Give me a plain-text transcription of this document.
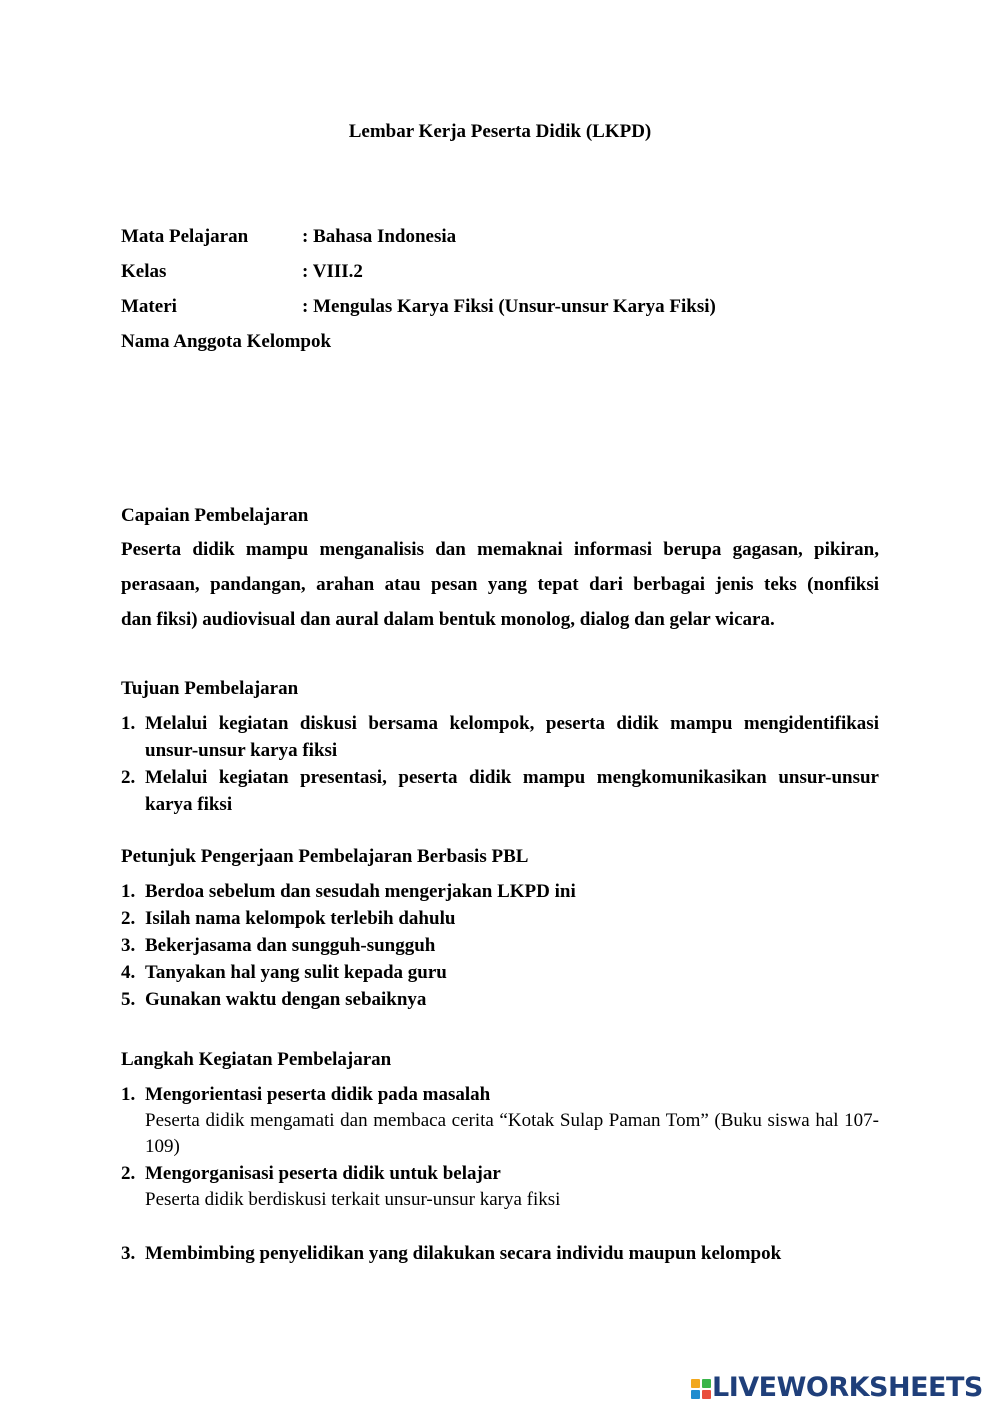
Lembar Kerja Peserta Didik (LKPD)
Mata Pelajaran	: Bahasa Indonesia
Kelas	: VIII.2
Materi	: Mengulas Karya Fiksi (Unsur-unsur Karya Fiksi)
Nama Anggota Kelompok
Capaian Pembelajaran
Peserta didik mampu menganalisis dan memaknai informasi berupa gagasan, pikiran,
perasaan, pandangan, arahan atau pesan yang tepat dari berbagai jenis teks (nonfiksi
dan fiksi) audiovisual dan aural dalam bentuk monolog, dialog dan gelar wicara.
Tujuan Pembelajaran
1. Melalui kegiatan diskusi bersama kelompok, peserta didik mampu mengidentifikasi unsur-unsur karya fiksi
2. Melalui kegiatan presentasi, peserta didik mampu mengkomunikasikan unsur-unsur karya fiksi
Petunjuk Pengerjaan Pembelajaran Berbasis PBL
1. Berdoa sebelum dan sesudah mengerjakan LKPD ini
2. Isilah nama kelompok terlebih dahulu
3. Bekerjasama dan sungguh-sungguh
4. Tanyakan hal yang sulit kepada guru
5. Gunakan waktu dengan sebaiknya
Langkah Kegiatan Pembelajaran
1. Mengorientasi peserta didik pada masalah
Peserta didik mengamati dan membaca cerita “Kotak Sulap Paman Tom” (Buku siswa hal 107-109)
2. Mengorganisasi peserta didik untuk belajar
Peserta didik berdiskusi terkait unsur-unsur karya fiksi
3. Membimbing penyelidikan yang dilakukan secara individu maupun kelompok
LIVEWORKSHEETS
